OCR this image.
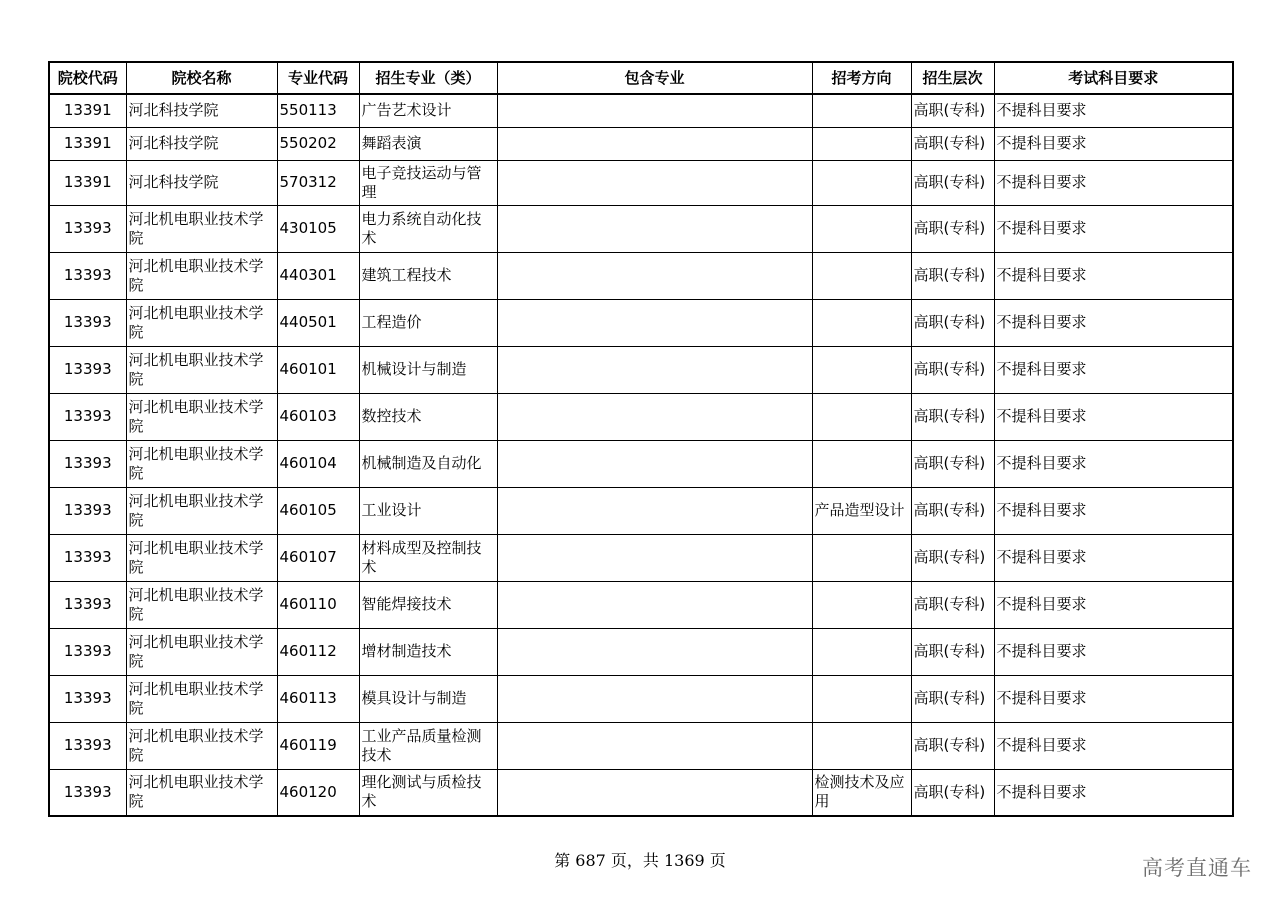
院校代码	院校名称	专业代码	招生专业（类）	包含专业	招考方向	招生层次	考试科目要求
13391	河北科技学院	550113	广告艺术设计			高职(专科)	不提科目要求
13391	河北科技学院	550202	舞蹈表演			高职(专科)	不提科目要求
13391	河北科技学院	570312	电子竞技运动与管理			高职(专科)	不提科目要求
13393	河北机电职业技术学院	430105	电力系统自动化技术			高职(专科)	不提科目要求
13393	河北机电职业技术学院	440301	建筑工程技术			高职(专科)	不提科目要求
13393	河北机电职业技术学院	440501	工程造价			高职(专科)	不提科目要求
13393	河北机电职业技术学院	460101	机械设计与制造			高职(专科)	不提科目要求
13393	河北机电职业技术学院	460103	数控技术			高职(专科)	不提科目要求
13393	河北机电职业技术学院	460104	机械制造及自动化			高职(专科)	不提科目要求
13393	河北机电职业技术学院	460105	工业设计		产品造型设计	高职(专科)	不提科目要求
13393	河北机电职业技术学院	460107	材料成型及控制技术			高职(专科)	不提科目要求
13393	河北机电职业技术学院	460110	智能焊接技术			高职(专科)	不提科目要求
13393	河北机电职业技术学院	460112	增材制造技术			高职(专科)	不提科目要求
13393	河北机电职业技术学院	460113	模具设计与制造			高职(专科)	不提科目要求
13393	河北机电职业技术学院	460119	工业产品质量检测技术			高职(专科)	不提科目要求
13393	河北机电职业技术学院	460120	理化测试与质检技术		检测技术及应用	高职(专科)	不提科目要求
第 687 页，共 1369 页	高考直通车
